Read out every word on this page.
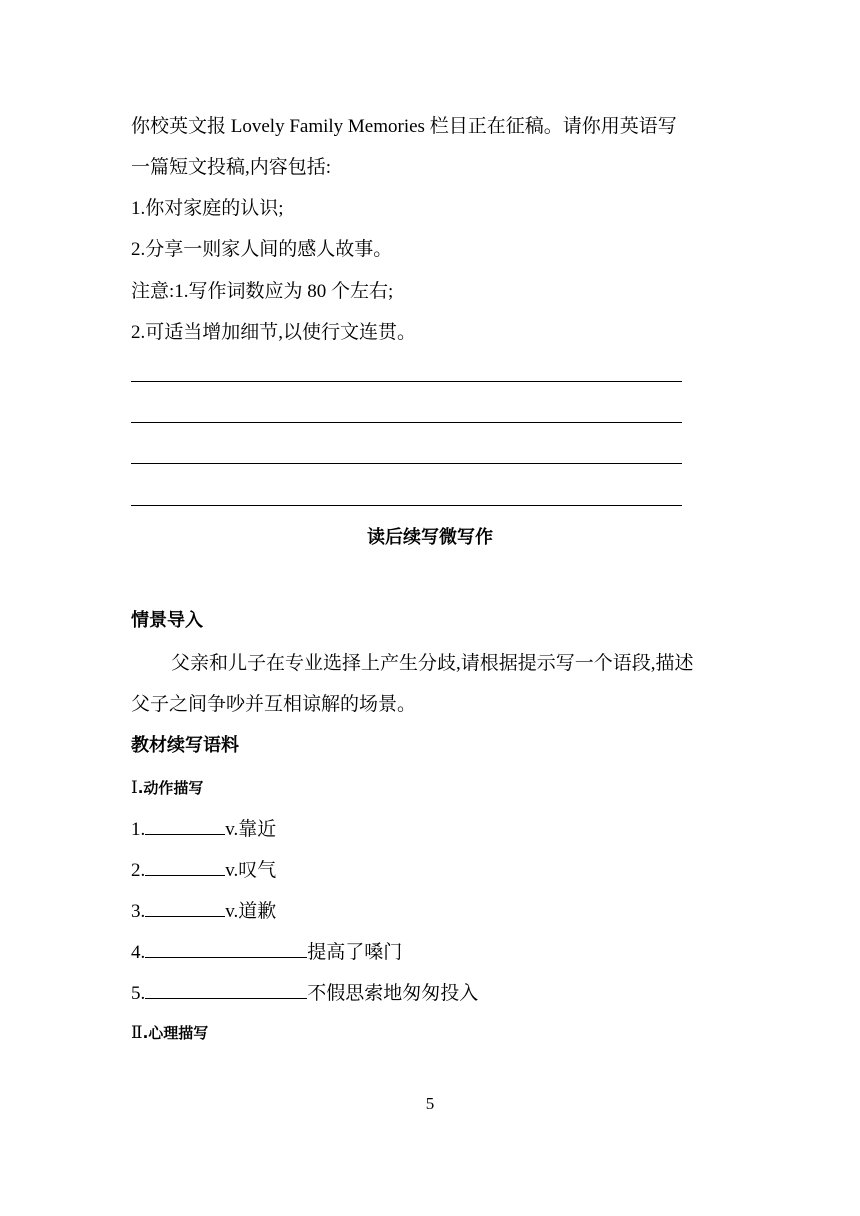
你校英文报 Lovely Family Memories 栏目正在征稿。请你用英语写
一篇短文投稿,内容包括:
1.你对家庭的认识;
2.分享一则家人间的感人故事。
注意:1.写作词数应为 80 个左右;
2.可适当增加细节,以使行文连贯。
读后续写微写作
情景导入
父亲和儿子在专业选择上产生分歧,请根据提示写一个语段,描述
父子之间争吵并互相谅解的场景。
教材续写语料
Ⅰ.动作描写
1.	v.靠近
2.	v.叹气
3.	v.道歉
4.	提高了嗓门
5.	不假思索地匆匆投入
Ⅱ.心理描写
5
